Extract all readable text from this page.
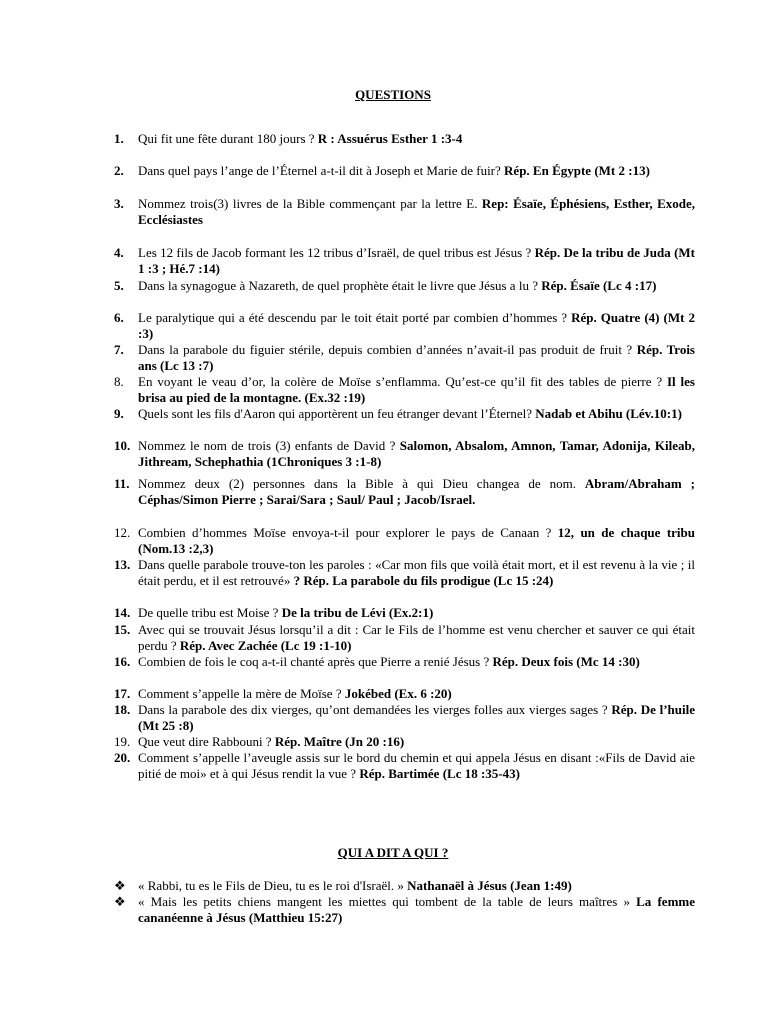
QUESTIONS
1.	Qui fit une fête durant 180 jours ? R : Assuérus Esther 1 :3-4
2.	Dans quel pays l’ange de l’Éternel a-t-il dit à Joseph et Marie de fuir? Rép. En Égypte (Mt 2 :13)
3.	Nommez trois(3) livres de la Bible commençant par la lettre E. Rep: Ésaïe, Éphésiens, Esther, Exode, Ecclésiastes
4.	Les 12 fils de Jacob formant les 12 tribus d’Israël, de quel tribus est Jésus ? Rép. De la tribu de Juda (Mt 1 :3 ; Hé.7 :14)
5.	Dans la synagogue à Nazareth, de quel prophète était le livre que Jésus a lu ? Rép. Ésaïe (Lc 4 :17)
6.	Le paralytique qui a été descendu par le toit était porté par combien d’hommes ? Rép. Quatre (4) (Mt 2 :3)
7.	Dans la parabole du figuier stérile, depuis combien d’années n’avait-il pas produit de fruit ? Rép. Trois ans (Lc 13 :7)
8.	En voyant le veau d’or, la colère de Moïse s’enflamma. Qu’est-ce qu’il fit des tables de pierre ? Il les brisa au pied de la montagne. (Ex.32 :19)
9.	Quels sont les fils d'Aaron qui apportèrent un feu étranger devant l’Éternel? Nadab et Abihu (Lév.10:1)
10. Nommez le nom de trois (3) enfants de David ? Salomon, Absalom, Amnon, Tamar, Adonija, Kileab, Jithream, Schephathia (1Chroniques 3 :1-8)
11. Nommez deux (2) personnes dans la Bible à qui Dieu changea de nom. Abram/Abraham ; Céphas/Simon Pierre ; Sarai/Sara ; Saul/ Paul ; Jacob/Israel.
12. Combien d’hommes Moïse envoya-t-il pour explorer le pays de Canaan ? 12, un de chaque tribu (Nom.13 :2,3)
13. Dans quelle parabole trouve-ton les paroles : «Car mon fils que voilà était mort, et il est revenu à la vie ; il était perdu, et il est retrouvé» ? Rép. La parabole du fils prodigue (Lc 15 :24)
14. De quelle tribu est Moise ? De la tribu de Lévi (Ex.2:1)
15. Avec qui se trouvait Jésus lorsqu’il a dit : Car le Fils de l’homme est venu chercher et sauver ce qui était perdu ? Rép. Avec Zachée (Lc 19 :1-10)
16. Combien de fois le coq a-t-il chanté après que Pierre a renié Jésus ? Rép. Deux fois (Mc 14 :30)
17. Comment s’appelle la mère de Moïse ? Jokébed (Ex. 6 :20)
18. Dans la parabole des dix vierges, qu’ont demandées les vierges folles aux vierges sages ? Rép. De l’huile (Mt 25 :8)
19. Que veut dire Rabbouni ? Rép. Maître (Jn 20 :16)
20. Comment s’appelle l’aveugle assis sur le bord du chemin et qui appela Jésus en disant :«Fils de David aie pitié de moi» et à qui Jésus rendit la vue ? Rép. Bartimée (Lc 18 :35-43)
QUI A DIT A QUI ?
❖ « Rabbi, tu es le Fils de Dieu, tu es le roi d'Israël. » Nathanaël à Jésus (Jean 1:49)
❖ « Mais les petits chiens mangent les miettes qui tombent de la table de leurs maîtres » La femme cananéenne à Jésus (Matthieu 15:27)
